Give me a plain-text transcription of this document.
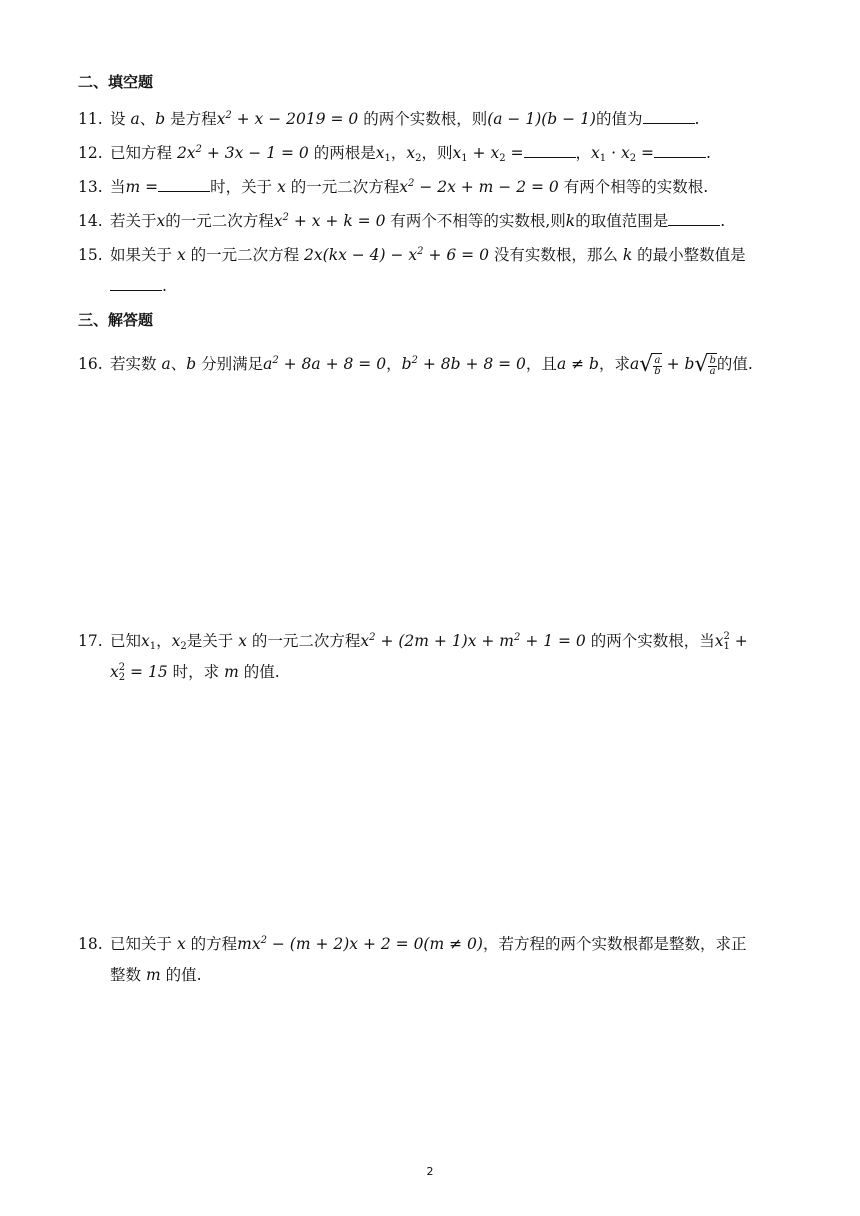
二、填空题
11. 设 a、b 是方程$x^2 + x - 2019 = 0$ 的两个实数根，则(a − 1)(b − 1)的值为	.
12. 已知方程 $2x^2 + 3x - 1 = 0$ 的两根是$x_1$，$x_2$，则$x_1 + x_2$ =	，$x_1 \cdot x_2$ =	.
13. 当m =	时，关于 x 的一元二次方程$x^2 - 2x + m - 2 = 0$ 有两个相等的实数根.
14. 若关于x的一元二次方程$x^2 + x + k = 0$ 有两个不相等的实数根,则k的取值范围是	.
15. 如果关于 x 的一元二次方程 $2x(kx - 4) - x^2 + 6 = 0$ 没有实数根，那么 k 的最小整数值是
.
三、解答题
16. 若实数 a、b 分别满足$a^2 + 8a + 8 = 0$，$b^2 + 8b + 8 = 0$，且a ≠ b，求$a√ \frac{a}{b} + b√ \frac{b}{a}$ 的值.
17. 已知$x_1$，$x_2$是关于 x 的一元二次方程$x^2 + (2m + 1)x + m^2 + 1 = 0$ 的两个实数根，当x 2
1 +
x 2
2 = 15 时，求 m 的值.
18. 已知关于 x 的方程$mx^2 - (m + 2)x + 2 = 0(m \ne 0)$，若方程的两个实数根都是整数，求正
整数 m 的值.
2
